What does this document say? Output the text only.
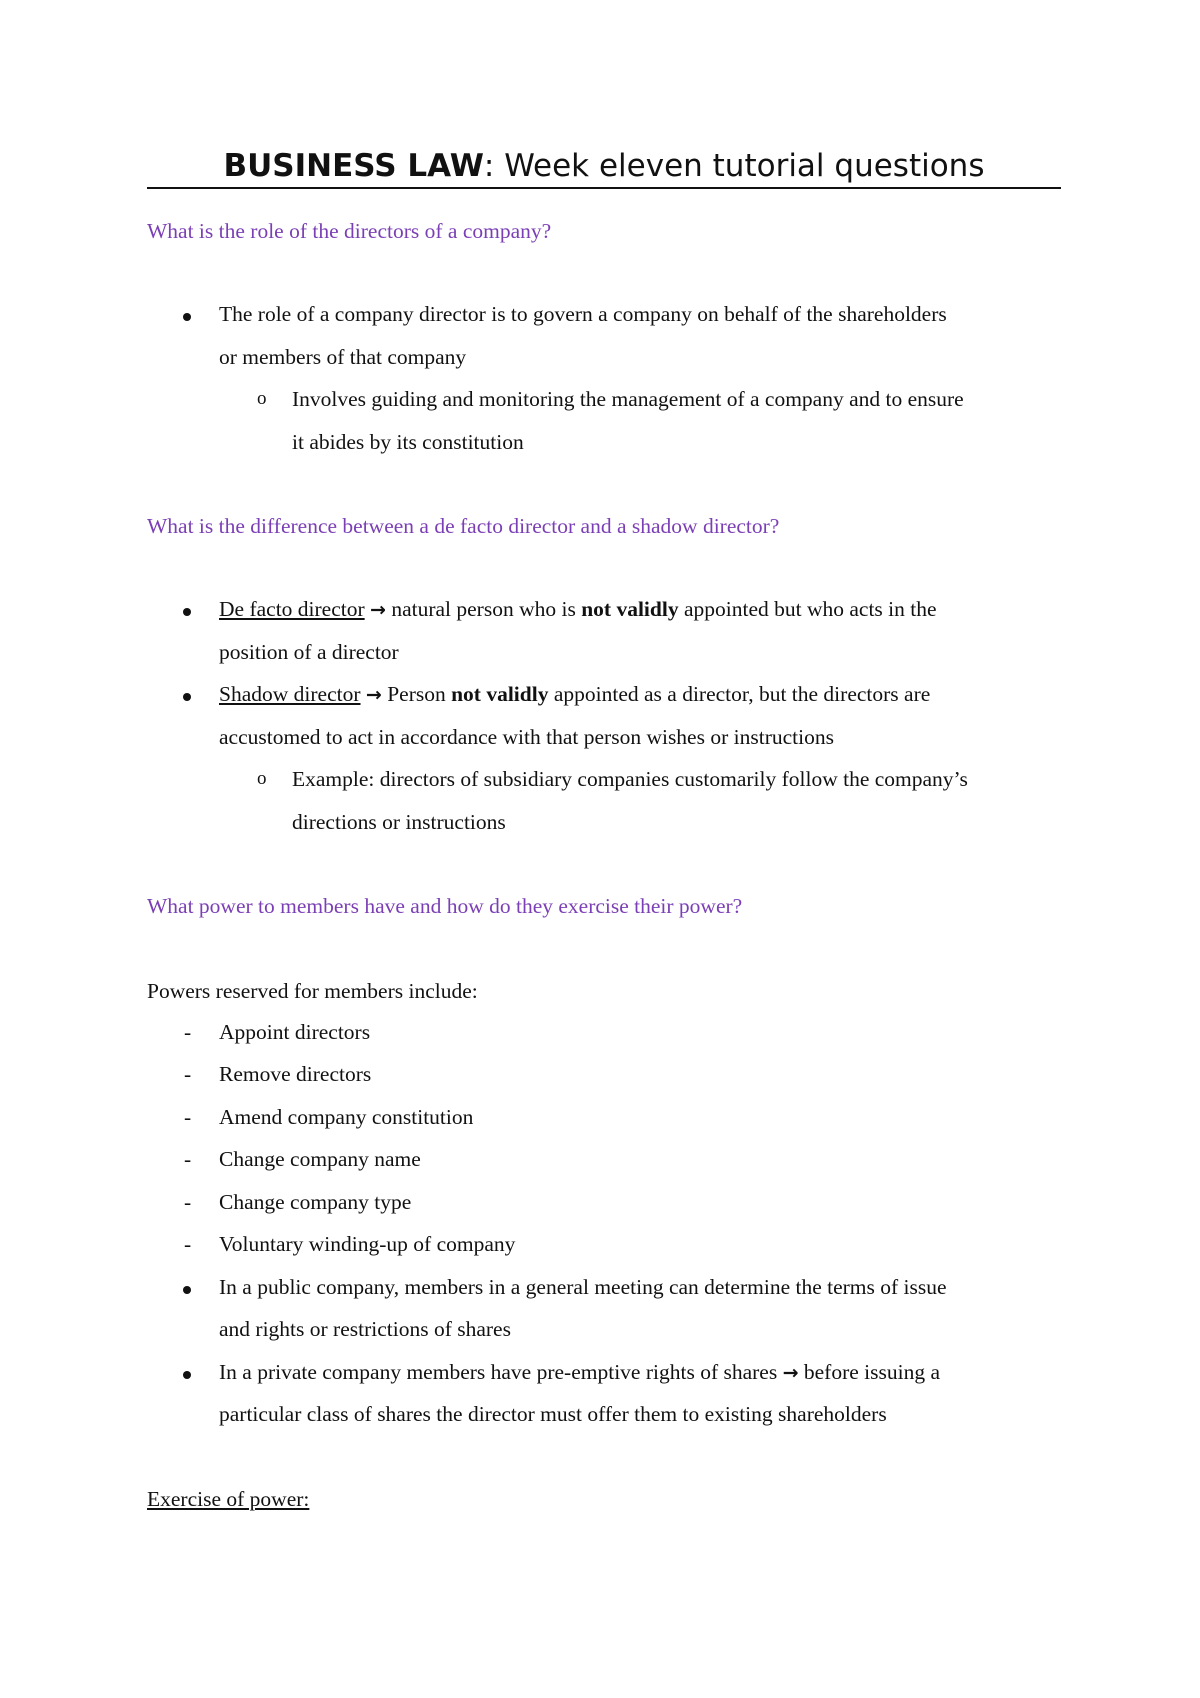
BUSINESS LAW: Week eleven tutorial questions

What is the role of the directors of a company?

The role of a company director is to govern a company on behalf of the shareholders
or members of that company
o Involves guiding and monitoring the management of a company and to ensure
it abides by its constitution

What is the difference between a de facto director and a shadow director?

De facto director → natural person who is not validly appointed but who acts in the
position of a director
Shadow director → Person not validly appointed as a director, but the directors are
accustomed to act in accordance with that person wishes or instructions
o Example: directors of subsidiary companies customarily follow the company’s
directions or instructions

What power to members have and how do they exercise their power?

Powers reserved for members include:

- Appoint directors
- Remove directors
- Amend company constitution
- Change company name
- Change company type
- Voluntary winding-up of company
In a public company, members in a general meeting can determine the terms of issue
and rights or restrictions of shares
In a private company members have pre-emptive rights of shares → before issuing a
particular class of shares the director must offer them to existing shareholders

Exercise of power:
